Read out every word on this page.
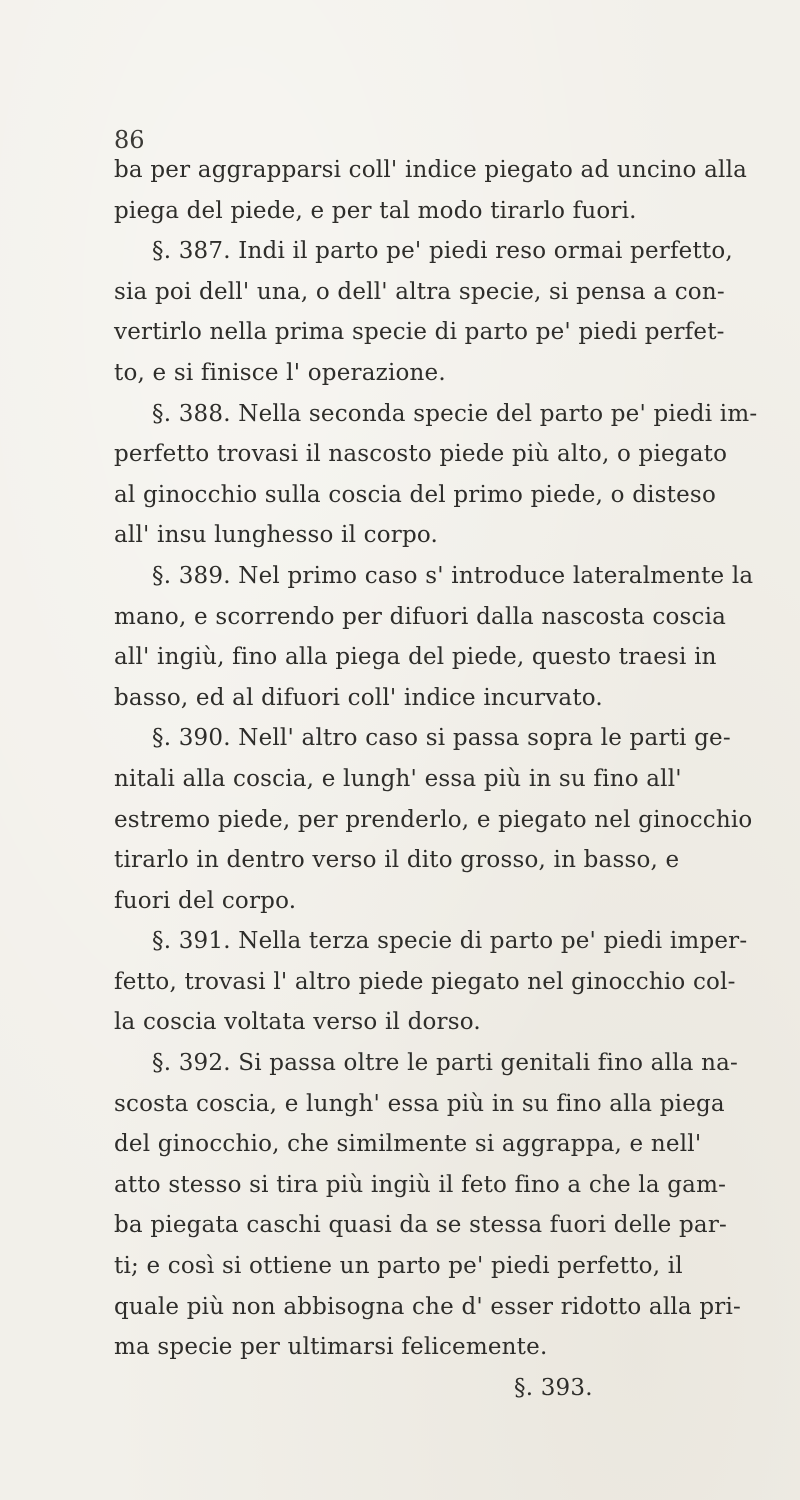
86
ba per aggrapparsi coll' indice piegato ad uncino alla
piega del piede, e per tal modo tirarlo fuori.
§. 387. Indi il parto pe' piedi reso ormai perfetto,
sia poi dell' una, o dell' altra specie, si pensa a con-
vertirlo nella prima specie di parto pe' piedi perfet-
to, e si finisce l' operazione.
§. 388. Nella seconda specie del parto pe' piedi im-
perfetto trovasi il nascosto piede più alto, o piegato
al ginocchio sulla coscia del primo piede, o disteso
all' insu lunghesso il corpo.
§. 389. Nel primo caso s' introduce lateralmente la
mano, e scorrendo per difuori dalla nascosta coscia
all' ingiù, fino alla piega del piede, questo traesi in
basso, ed al difuori coll' indice incurvato.
§. 390. Nell' altro caso si passa sopra le parti ge-
nitali alla coscia, e lungh' essa più in su fino all'
estremo piede, per prenderlo, e piegato nel ginocchio
tirarlo in dentro verso il dito grosso, in basso, e
fuori del corpo.
§. 391. Nella terza specie di parto pe' piedi imper-
fetto, trovasi l' altro piede piegato nel ginocchio col-
la coscia voltata verso il dorso.
§. 392. Si passa oltre le parti genitali fino alla na-
scosta coscia, e lungh' essa più in su fino alla piega
del ginocchio, che similmente si aggrappa, e nell'
atto stesso si tira più ingiù il feto fino a che la gam-
ba piegata caschi quasi da se stessa fuori delle par-
ti; e così si ottiene un parto pe' piedi perfetto, il
quale più non abbisogna che d' esser ridotto alla pri-
ma specie per ultimarsi felicemente.
§. 393.
